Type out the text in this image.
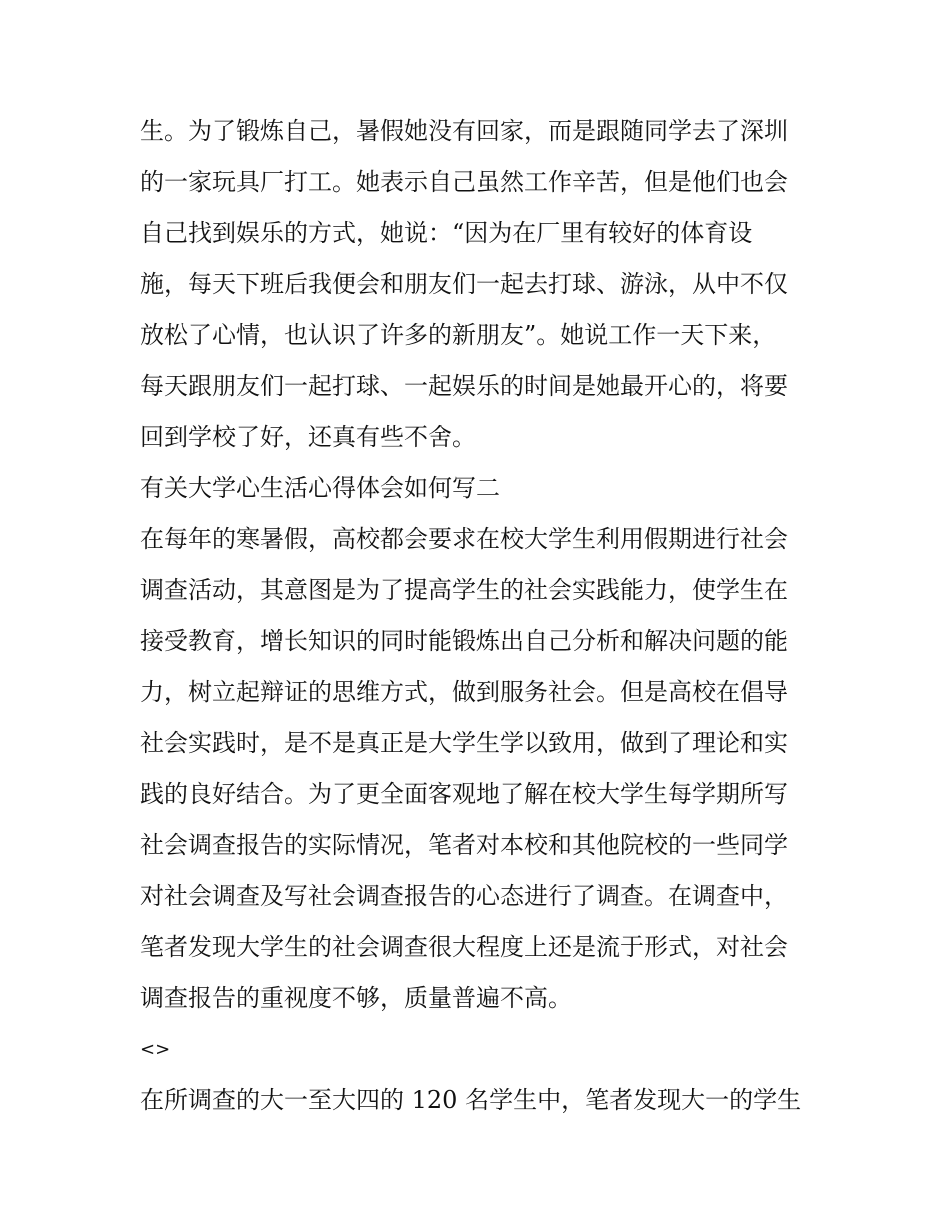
生。为了锻炼自己，暑假她没有回家，而是跟随同学去了深圳
的一家玩具厂打工。她表示自己虽然工作辛苦，但是他们也会
自己找到娱乐的方式，她说：“因为在厂里有较好的体育设
施，每天下班后我便会和朋友们一起去打球、游泳，从中不仅
放松了心情，也认识了许多的新朋友”。她说工作一天下来，
每天跟朋友们一起打球、一起娱乐的时间是她最开心的，将要
回到学校了好，还真有些不舍。
有关大学心生活心得体会如何写二
在每年的寒暑假，高校都会要求在校大学生利用假期进行社会
调查活动，其意图是为了提高学生的社会实践能力，使学生在
接受教育，增长知识的同时能锻炼出自己分析和解决问题的能
力，树立起辩证的思维方式，做到服务社会。但是高校在倡导
社会实践时，是不是真正是大学生学以致用，做到了理论和实
践的良好结合。为了更全面客观地了解在校大学生每学期所写
社会调查报告的实际情况，笔者对本校和其他院校的一些同学
对社会调查及写社会调查报告的心态进行了调查。在调查中，
笔者发现大学生的社会调查很大程度上还是流于形式，对社会
调查报告的重视度不够，质量普遍不高。
<>
在所调查的大一至大四的 120 名学生中，笔者发现大一的学生
